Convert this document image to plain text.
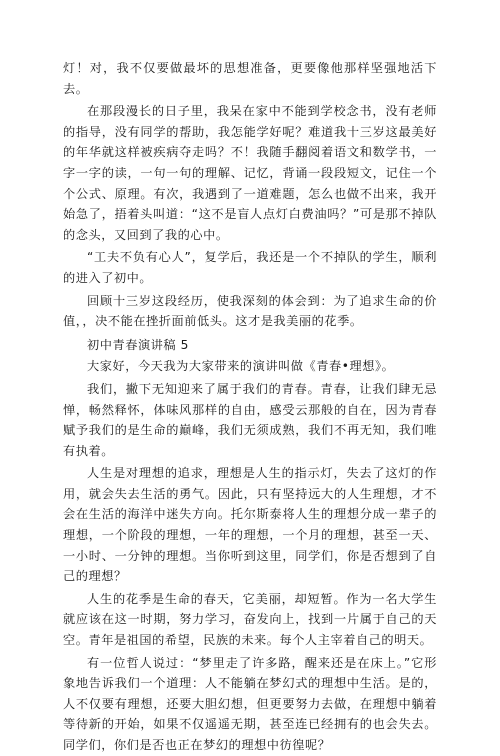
灯！对，我不仅要做最坏的思想准备，更要像他那样坚强地活下去。

在那段漫长的日子里，我呆在家中不能到学校念书，没有老师的指导，没有同学的帮助，我怎能学好呢？难道我十三岁这最美好的年华就这样被疾病夺走吗？不！我随手翻阅着语文和数学书，一字一字的读，一句一句的理解、记忆，背诵一段段短文，记住一个个公式、原理。有次，我遇到了一道难题，怎么也做不出来，我开始急了，捂着头叫道：“这不是盲人点灯白费油吗？”可是那不掉队的念头，又回到了我的心中。

“工夫不负有心人”，复学后，我还是一个不掉队的学生，顺利的进入了初中。

回顾十三岁这段经历，使我深刻的体会到：为了追求生命的价值，，决不能在挫折面前低头。这才是我美丽的花季。

初中青春演讲稿 5

大家好，今天我为大家带来的演讲叫做《青春•理想》。

我们，撇下无知迎来了属于我们的青春。青春，让我们肆无忌惮，畅然释怀，体味风那样的自由，感受云那般的自在，因为青春赋予我们的是生命的巅峰，我们无须成熟，我们不再无知，我们唯有执着。

人生是对理想的追求，理想是人生的指示灯，失去了这灯的作用，就会失去生活的勇气。因此，只有坚持远大的人生理想，才不会在生活的海洋中迷失方向。托尔斯泰将人生的理想分成一辈子的理想，一个阶段的理想，一年的理想，一个月的理想，甚至一天、一小时、一分钟的理想。当你听到这里，同学们，你是否想到了自己的理想？

人生的花季是生命的春天，它美丽，却短暂。作为一名大学生就应该在这一时期，努力学习，奋发向上，找到一片属于自己的天空。青年是祖国的希望，民族的未来。每个人主宰着自己的明天。

有一位哲人说过：“梦里走了许多路，醒来还是在床上。”它形象地告诉我们一个道理：人不能躺在梦幻式的理想中生活。是的，人不仅要有理想，还要大胆幻想，但更要努力去做，在理想中躺着等待新的开始，如果不仅遥遥无期，甚至连已经拥有的也会失去。同学们，你们是否也正在梦幻的理想中彷徨呢？
